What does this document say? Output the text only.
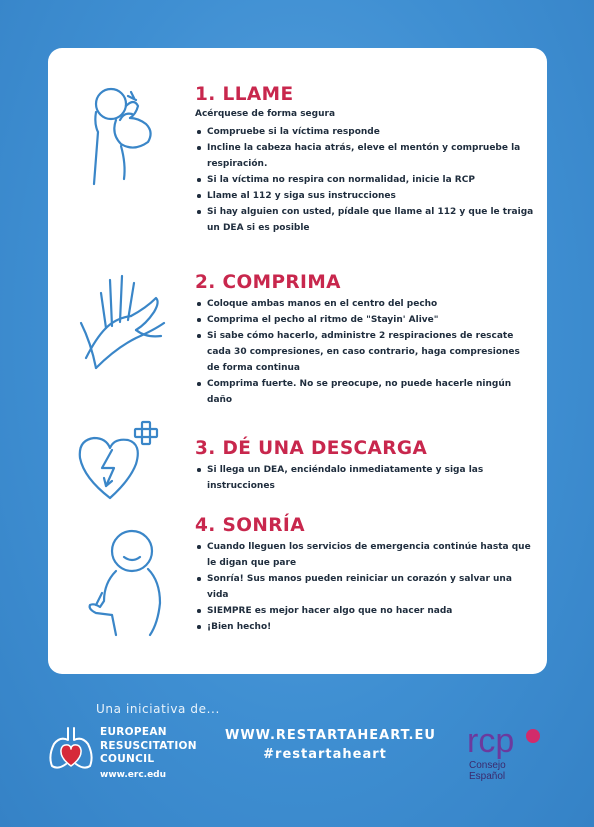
1. LLAME
Acérquese de forma segura
Compruebe si la víctima responde
Incline la cabeza hacia atrás, eleve el mentón y compruebe la respiración.
Si la víctima no respira con normalidad, inicie la RCP
Llame al 112 y siga sus instrucciones
Si hay alguien con usted, pídale que llame al 112 y que le traiga un DEA si es posible
2. COMPRIMA
Coloque ambas manos en el centro del pecho
Comprima el pecho al ritmo de "Stayin' Alive"
Si sabe cómo hacerlo, administre 2 respiraciones de rescate cada 30 compresiones, en caso contrario, haga compresiones de forma continua
Comprima fuerte. No se preocupe, no puede hacerle ningún daño
3. DÉ UNA DESCARGA
Si llega un DEA, enciéndalo inmediatamente y siga las instrucciones
4. SONRÍA
Cuando lleguen los servicios de emergencia continúe hasta que le digan que pare
Sonría! Sus manos pueden reiniciar un corazón y salvar una vida
SIEMPRE es mejor hacer algo que no hacer nada
¡Bien hecho!
Una iniciativa de...
EUROPEAN
RESUSCITATION
COUNCIL
www.erc.edu
WWW.RESTARTAHEART.EU
#restartaheart	rcp
Consejo
Español
